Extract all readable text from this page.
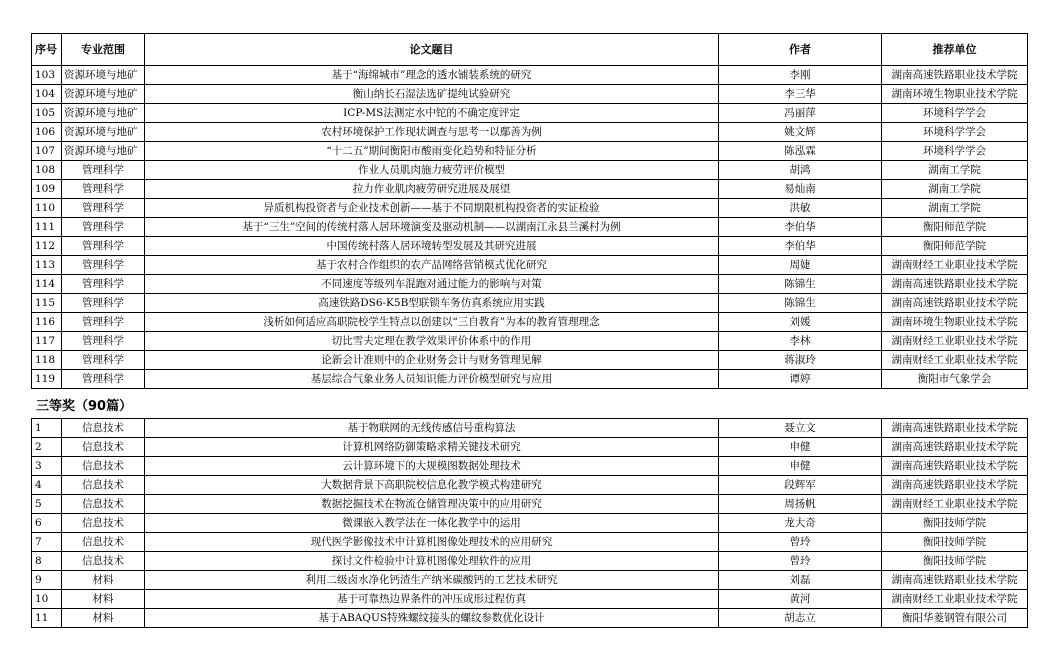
序号	专业范围	论文题目	作者	推荐单位
103	资源环境与地矿	基于“海绵城市”理念的透水铺装系统的研究	李刚	湖南高速铁路职业技术学院
104	资源环境与地矿	衡山纳长石湿法选矿提纯试验研究	李三华	湖南环境生物职业技术学院
105	资源环境与地矿	ICP-MS法测定水中铊的不确定度评定	冯丽萍	环境科学学会
106	资源环境与地矿	农村环境保护工作现状调查与思考一以鄢善为例	姚文辉	环境科学学会
107	资源环境与地矿	“十二五”期间衡阳市酸雨变化趋势和特征分析	陈泓霖	环境科学学会
108	管理科学	作业人员肌肉施力疲劳评价模型	胡鸿	湖南工学院
109	管理科学	拉力作业肌肉疲劳研究进展及展望	易灿南	湖南工学院
110	管理科学	异质机构投资者与企业技术创新——基于不同期限机构投资者的实证检验	洪敏	湖南工学院
111	管理科学	基于“三生”空间的传统村落人居环境演变及驱动机制——以湖南江永县兰溪村为例	李伯华	衡阳师范学院
112	管理科学	中国传统村落人居环境转型发展及其研究进展	李伯华	衡阳师范学院
113	管理科学	基于农村合作组织的农产品网络营销模式优化研究	周婕	湖南财经工业职业技术学院
114	管理科学	不同速度等级列车混跑对通过能力的影响与对策	陈锦生	湖南高速铁路职业技术学院
115	管理科学	高速铁路DS6-K5B型联锁车务仿真系统应用实践	陈锦生	湖南高速铁路职业技术学院
116	管理科学	浅析如何适应高职院校学生特点以创建以“三自教育”为本的教育管理理念	刘媛	湖南环境生物职业技术学院
117	管理科学	切比雪夫定理在教学效果评价体系中的作用	李林	湖南财经工业职业技术学院
118	管理科学	论新会计准则中的企业财务会计与财务管理见解	蒋淑玲	湖南财经工业职业技术学院
119	管理科学	基层综合气象业务人员知识能力评价模型研究与应用	谭婷	衡阳市气象学会
三等奖（90篇）
1	信息技术	基于物联网的无线传感信号重构算法	聂立文	湖南高速铁路职业技术学院
2	信息技术	计算机网络防御策略求精关键技术研究	申健	湖南高速铁路职业技术学院
3	信息技术	云计算环境下的大规模图数据处理技术	申健	湖南高速铁路职业技术学院
4	信息技术	大数据背景下高职院校信息化教学模式构建研究	段辉军	湖南高速铁路职业技术学院
5	信息技术	数据挖掘技术在物流仓储管理决策中的应用研究	周扬帆	湖南财经工业职业技术学院
6	信息技术	微课嵌入教学法在一体化教学中的运用	龙大奇	衡阳技师学院
7	信息技术	现代医学影像技术中计算机图像处理技术的应用研究	曾玲	衡阳技师学院
8	信息技术	探讨文件检验中计算机图像处理软件的应用	曾玲	衡阳技师学院
9	材料	利用二级卤水净化钙渣生产纳米碳酸钙的工艺技术研究	刘磊	湖南高速铁路职业技术学院
10	材料	基于可靠热边界条件的冲压成形过程仿真	黄河	湖南财经工业职业技术学院
11	材料	基于ABAQUS特殊螺纹接头的螺纹参数优化设计	胡志立	衡阳华菱钢管有限公司
